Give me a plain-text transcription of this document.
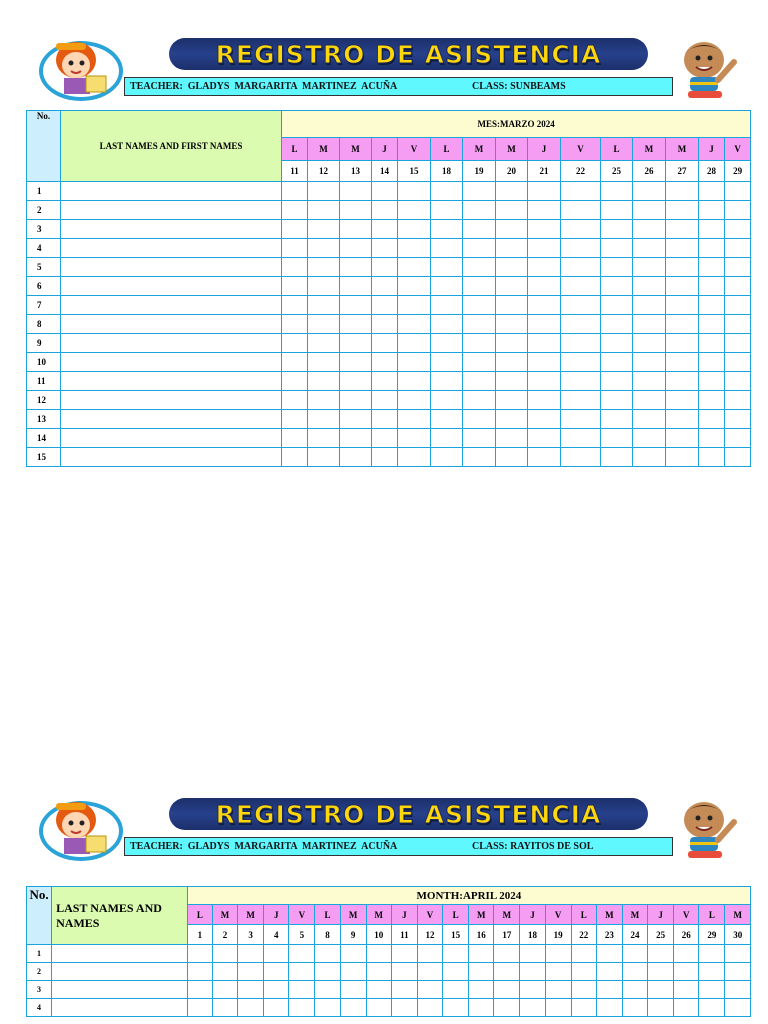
REGISTRO DE ASISTENCIA
TEACHER:  GLADYS  MARGARITA  MARTINEZ  ACUÑA	CLASS: SUNBEAMS
No.	LAST NAMES AND FIRST NAMES	MES:MARZO 2024														
		L	M	M	J	V	L	M	M	J	V	L	M	M	J	V
		11	12	13	14	15	18	19	20	21	22	25	26	27	28	29
1																
2																
3																
4																
5																
6																
7																
8																
9																
10																
11																
12																
13																
14																
15																
REGISTRO DE ASISTENCIA
TEACHER:  GLADYS  MARGARITA  MARTINEZ  ACUÑA	CLASS: RAYITOS DE SOL
No.	LAST NAMES AND NAMES	MONTH:APRIL 2024																					
		L	M	M	J	V	L	M	M	J	V	L	M	M	J	V	L	M	M	J	V	L	M
		1	2	3	4	5	8	9	10	11	12	15	16	17	18	19	22	23	24	25	26	29	30
1																							
2																							
3																							
4																							
